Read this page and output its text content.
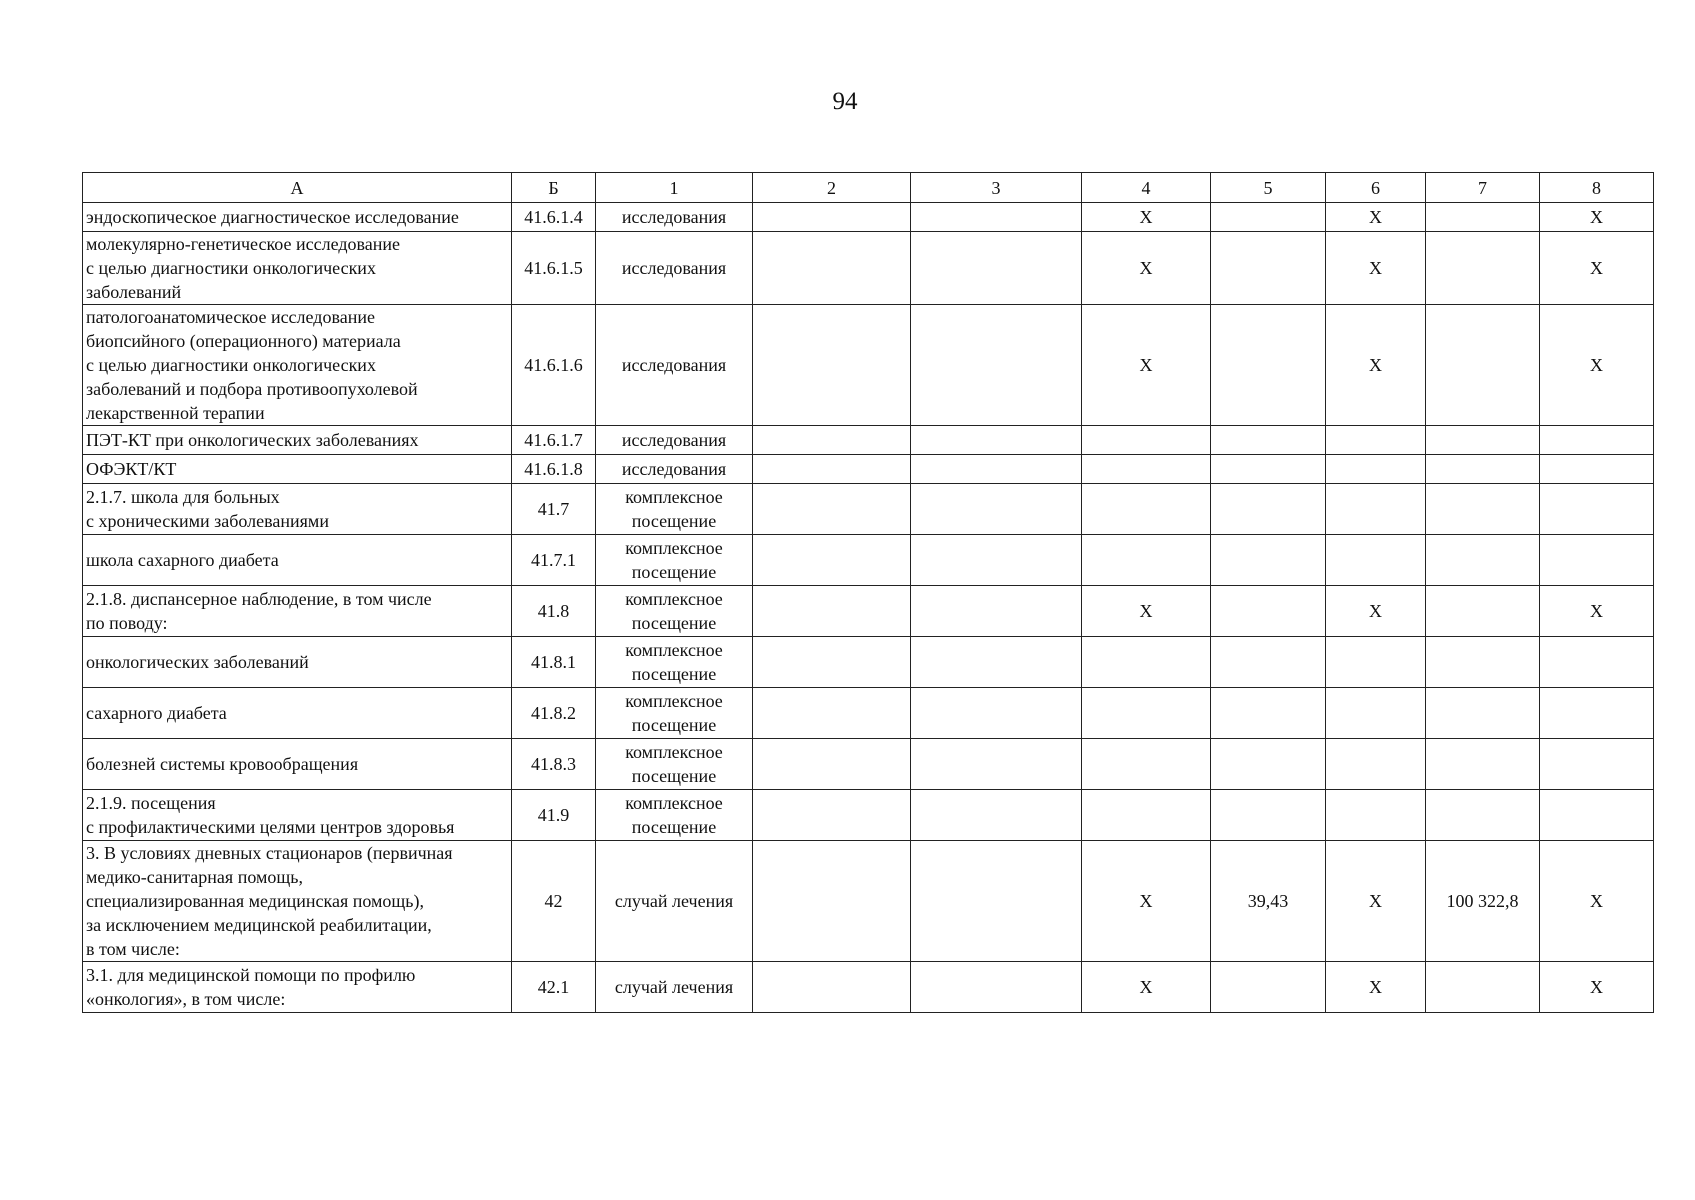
94
А	Б	1	2	3	4	5	6	7	8
эндоскопическое диагностическое исследование	41.6.1.4	исследования			Х		Х		Х
молекулярно-генетическое исследование
с целью диагностики онкологических
заболеваний	41.6.1.5	исследования			Х		Х		Х
патологоанатомическое исследование
биопсийного (операционного) материала
с целью диагностики онкологических
заболеваний и подбора противоопухолевой
лекарственной терапии	41.6.1.6	исследования			Х		Х		Х
ПЭТ-КТ при онкологических заболеваниях	41.6.1.7	исследования							
ОФЭКТ/КТ	41.6.1.8	исследования							
2.1.7. школа для больных
с хроническими заболеваниями	41.7	комплексное
посещение							
школа сахарного диабета	41.7.1	комплексное
посещение							
2.1.8. диспансерное наблюдение, в том числе
по поводу:	41.8	комплексное
посещение			Х		Х		Х
онкологических заболеваний	41.8.1	комплексное
посещение							
сахарного диабета	41.8.2	комплексное
посещение							
болезней системы кровообращения	41.8.3	комплексное
посещение							
2.1.9. посещения
с профилактическими целями центров здоровья	41.9	комплексное
посещение							
3. В условиях дневных стационаров (первичная
медико-санитарная помощь,
специализированная медицинская помощь),
за исключением медицинской реабилитации,
в том числе:	42	случай лечения			Х	39,43	Х	100 322,8	Х
3.1. для медицинской помощи по профилю
«онкология», в том числе:	42.1	случай лечения			Х		Х		Х
